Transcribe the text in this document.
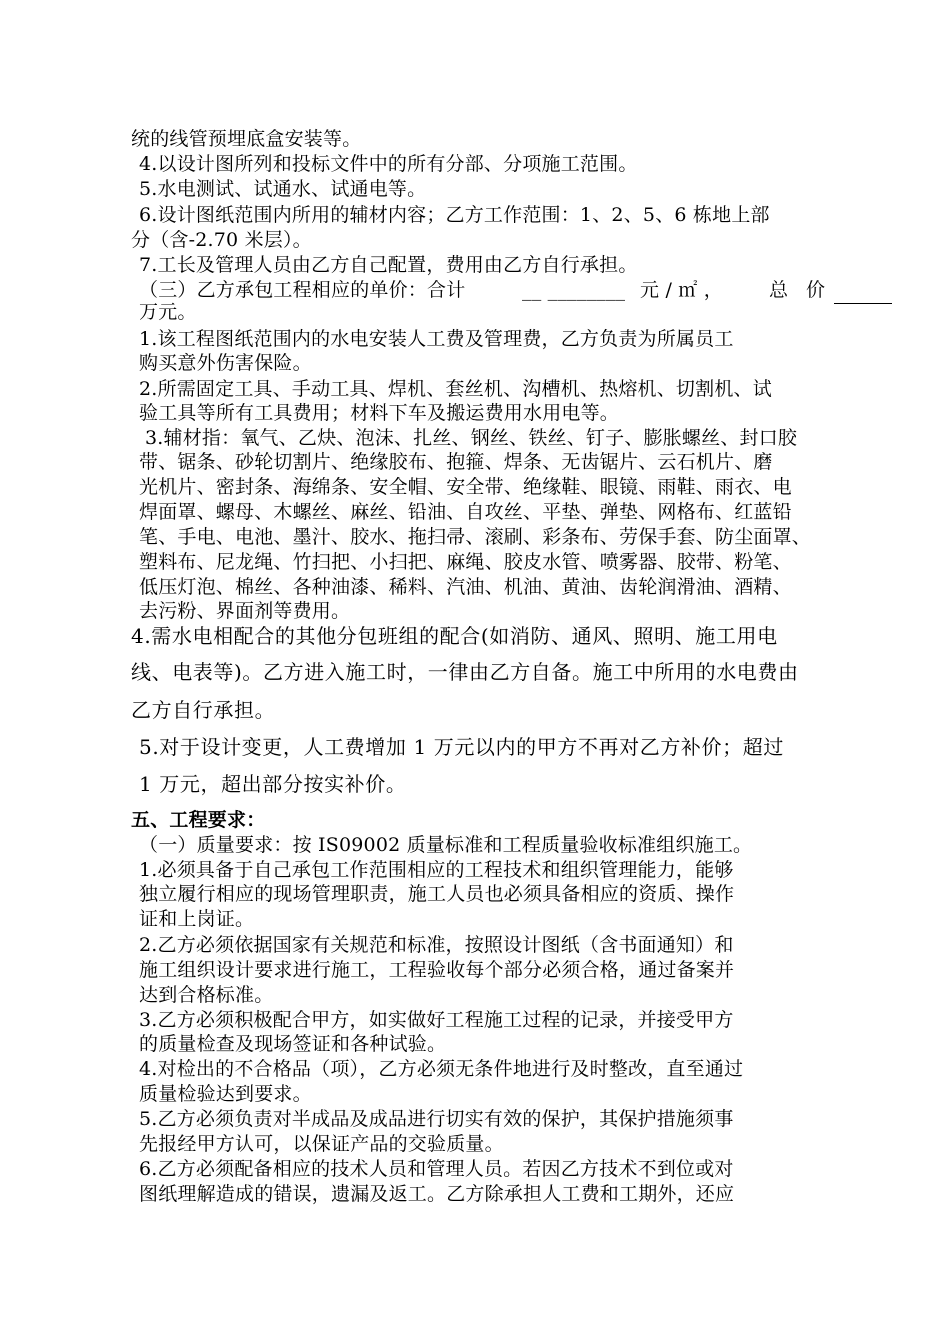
统的线管预埋底盒安装等。
4.以设计图所列和投标文件中的所有分部、分项施工范围。
5.水电测试、试通水、试通电等。
6.设计图纸范围内所用的辅材内容；乙方工作范围：1、2、5、6 栋地上部
分（含-2.70 米层）。
7.工长及管理人员由乙方自己配置，费用由乙方自行承担。
（三）乙方承包工程相应的单价：合计	__ ________ 元 / ㎡ ， 总 价
万元。
1.该工程图纸范围内的水电安装人工费及管理费，乙方负责为所属员工
购买意外伤害保险。
2.所需固定工具、手动工具、焊机、套丝机、沟槽机、热熔机、切割机、试
验工具等所有工具费用；材料下车及搬运费用水用电等。
3.辅材指：氧气、乙炔、泡沫、扎丝、钢丝、铁丝、钉子、膨胀螺丝、封口胶
带、锯条、砂轮切割片、绝缘胶布、抱箍、焊条、无齿锯片、云石机片、磨
光机片、密封条、海绵条、安全帽、安全带、绝缘鞋、眼镜、雨鞋、雨衣、电
焊面罩、螺母、木螺丝、麻丝、铅油、自攻丝、平垫、弹垫、网格布、红蓝铅
笔、手电、电池、墨汁、胶水、拖扫帚、滚刷、彩条布、劳保手套、防尘面罩、
塑料布、尼龙绳、竹扫把、小扫把、麻绳、胶皮水管、喷雾器、胶带、粉笔、
低压灯泡、棉丝、各种油漆、稀料、汽油、机油、黄油、齿轮润滑油、酒精、
去污粉、界面剂等费用。
4.需水电相配合的其他分包班组的配合(如消防、通风、照明、施工用电
线、电表等)。乙方进入施工时，一律由乙方自备。施工中所用的水电费由
乙方自行承担。
5.对于设计变更，人工费增加 1 万元以内的甲方不再对乙方补价；超过
1 万元，超出部分按实补价。
五、工程要求：
（一）质量要求：按 IS09002 质量标准和工程质量验收标准组织施工。
1.必须具备于自己承包工作范围相应的工程技术和组织管理能力，能够
独立履行相应的现场管理职责，施工人员也必须具备相应的资质、操作
证和上岗证。
2.乙方必须依据国家有关规范和标准，按照设计图纸（含书面通知）和
施工组织设计要求进行施工，工程验收每个部分必须合格，通过备案并
达到合格标准。
3.乙方必须积极配合甲方，如实做好工程施工过程的记录，并接受甲方
的质量检查及现场签证和各种试验。
4.对检出的不合格品（项），乙方必须无条件地进行及时整改，直至通过
质量检验达到要求。
5.乙方必须负责对半成品及成品进行切实有效的保护，其保护措施须事
先报经甲方认可，以保证产品的交验质量。
6.乙方必须配备相应的技术人员和管理人员。若因乙方技术不到位或对
图纸理解造成的错误，遗漏及返工。乙方除承担人工费和工期外，还应
